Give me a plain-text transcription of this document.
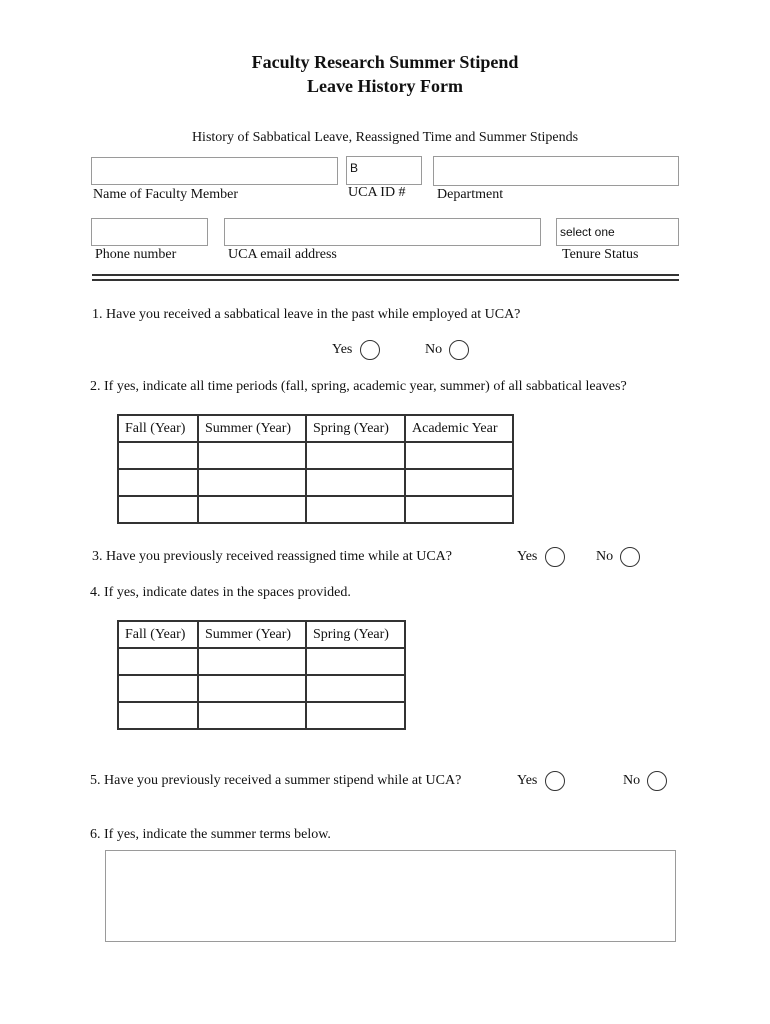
Faculty Research Summer Stipend
Leave History Form
History of Sabbatical Leave, Reassigned Time and Summer Stipends
B
Name of Faculty Member	UCA ID # Department
select one
Phone number	UCA email address	Tenure Status
1. Have you received a sabbatical leave in the past while employed at UCA?
Yes	No
2. If yes, indicate all time periods (fall, spring, academic year, summer) of all sabbatical leaves?
Fall (Year)	Summer (Year)	Spring (Year)	Academic Year

3. Have you previously received reassigned time while at UCA?	Yes	No
4. If yes, indicate dates in the spaces provided.
Fall (Year)	Summer (Year)	Spring (Year)

5. Have you previously received a summer stipend while at UCA?	Yes	No
6. If yes, indicate the summer terms below.
